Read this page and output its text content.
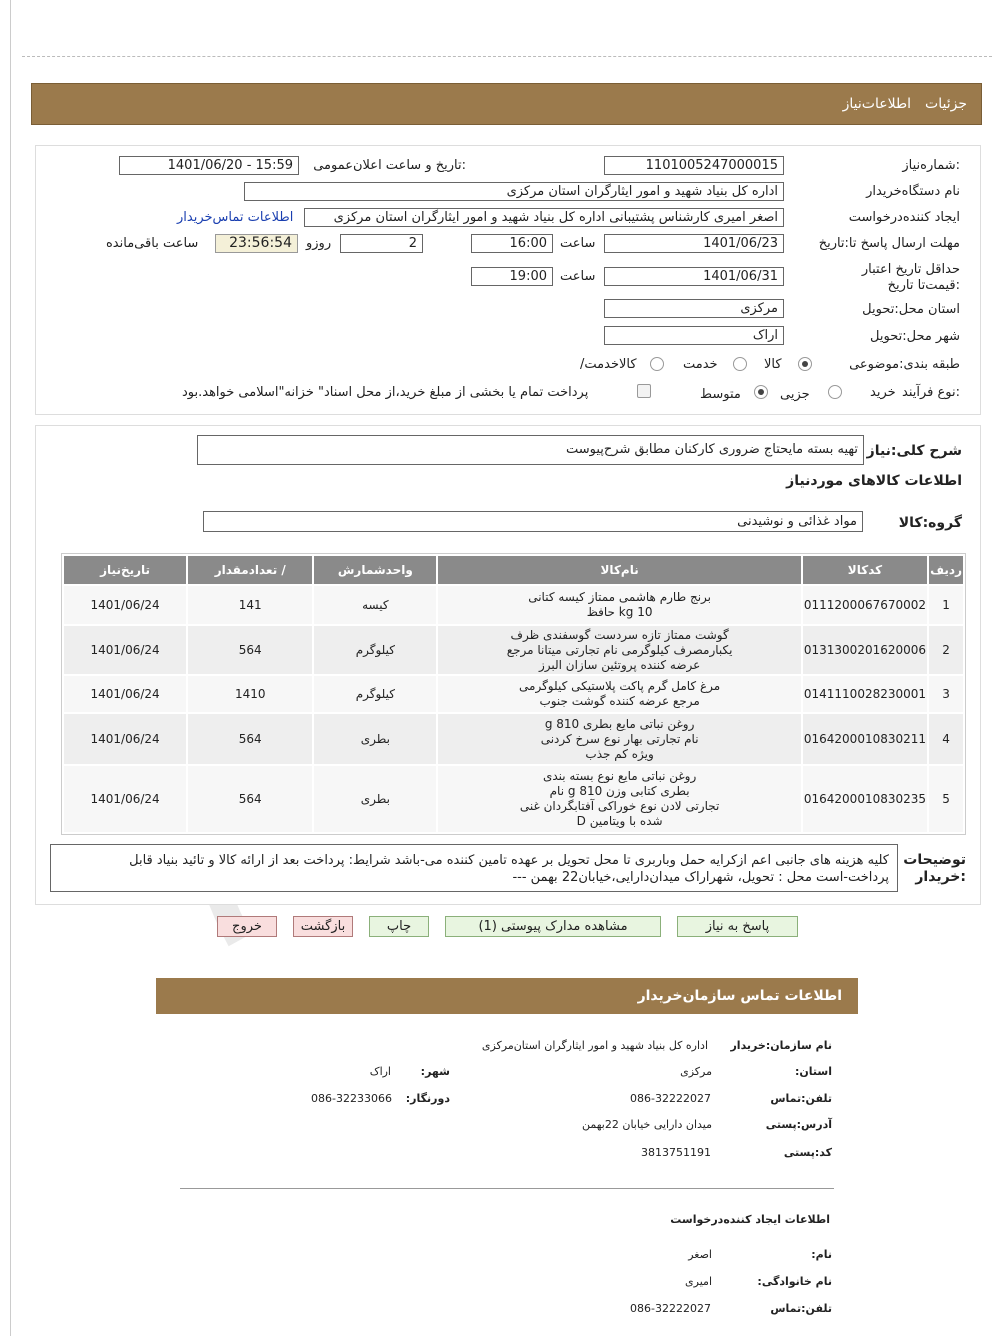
جزئیات
اطلاعات‌نیاز
شماره‌نیاز:
1101005247000015
تاریخ و ساعت اعلان‌عمومی:
1401/06/20 - 15:59
نام دستگاه‌خریدار
اداره کل بنیاد شهید و امور ایثارگران استان مرکزی
ایجاد کننده‌درخواست
اصغر امیری کارشناس پشتیبانی اداره کل بنیاد شهید و امور ایثارگران استان مرکزی
اطلاعات تماس‌خریدار
مهلت ارسال پاسخ تا:تاریخ
1401/06/23
ساعت
16:00
2
روزو
23:56:54
ساعت باقی‌مانده
حداقل تاریخ اعتبار قیمت‌تا تاریخ:
1401/06/31
ساعت
19:00
استان محل:تحویل
مرکزی
شهر محل:تحویل
اراک
طبقه بندی:موضوعی
کالا
خدمت
/کالاخدمت
نوع فرآیند:
خرید
جزیی
متوسط
پرداخت تمام یا بخشی از مبلغ خرید،از محل اسناد" خزانه"اسلامی خواهد.بود
شرح کلی:نیاز
تهیه بسته مایحتاج ضروری کارکنان مطابق شرح‌پیوست
اطلاعات کالاهای موردنیاز
گروه:کالا
مواد غذائی و نوشیدنی
ردیف	کدکالا	نام‌کالا	واحدشمارش	/ تعدادمقدار	تاریخ‌نیاز
1	0111200067670002	برنج طارم هاشمی ممتاز کیسه کتانی
10 kg حافظ	کیسه	141	1401/06/24
2	0131300201620006	گوشت ممتاز تازه سردست گوسفندی ظرف
یکبارمصرف کیلوگرمی نام تجارتی میتانا مرجع
عرضه کننده پروتئین سازان البرز	کیلوگرم	564	1401/06/24
3	0141110028230001	مرغ کامل گرم پاکت پلاستیکی کیلوگرمی
مرجع عرضه کننده گوشت جنوب	کیلوگرم	1410	1401/06/24
4	0164200010830211	روغن نباتی مایع بطری 810 g
نام تجارتی بهار نوع سرخ کردنی
ویژه کم جذب	بطری	564	1401/06/24
5	0164200010830235	روغن نباتی مایع نوع بسته بندی
بطری کتابی وزن 810 g نام
تجارتی لادن نوع خوراکی آفتابگردان غنی
شده با ویتامین D	بطری	564	1401/06/24
توضیحات خریدار:
کلیه هزینه های جانبی اعم ازکرایه حمل وباربری تا محل تحویل بر عهده تامین کننده می-باشد شرایط: پرداخت بعد از ارائه کالا و تائید بنیاد قابل
پرداخت-است محل : تحویل، شهراراک میدان‌دارایی،خیابان22 بهمن ---
پاسخ به نیاز
مشاهده مدارک پیوستی (1)
چاپ
بازگشت
خروج
اطلاعات تماس سازمان‌خریدار
نام سازمان:خریدار
اداره کل بنیاد شهید و امور ایثارگران استان‌مرکزی
استان:
مرکزی
شهر:
اراک
تلفن:تماس
086-32222027
دورنگار:
086-32233066
آدرس:پستی
میدان دارایی خیابان 22بهمن
کد:پستی
3813751191
اطلاعات ایجاد کننده‌درخواست
نام:
اصغر
نام خانوادگی:
امیری
تلفن:تماس
086-32222027
